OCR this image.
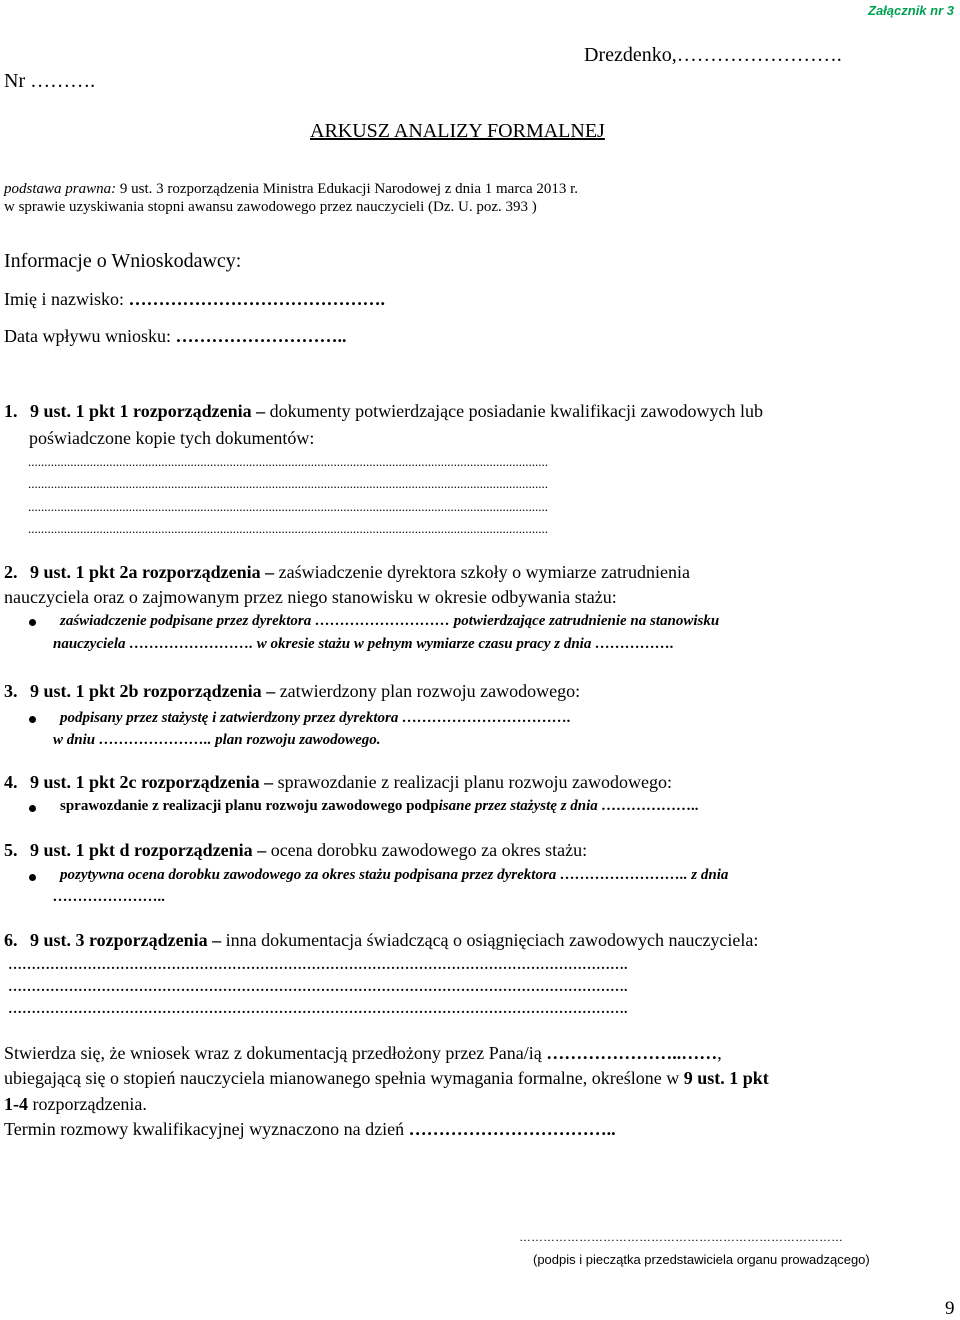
Załącznik nr 3
Nr ……….
Drezdenko,…………………….
ARKUSZ ANALIZY FORMALNEJ
podstawa prawna: 9 ust. 3 rozporządzenia Ministra Edukacji Narodowej z dnia 1 marca 2013 r.
w sprawie uzyskiwania stopni awansu zawodowego przez nauczycieli (Dz. U. poz. 393 )
Informacje o Wnioskodawcy:
Imię i nazwisko: …………………………………….
Data wpływu wniosku: ………………………..
1. 9 ust. 1 pkt 1 rozporządzenia – dokumenty potwierdzające posiadanie kwalifikacji zawodowych lub
poświadczone kopie tych dokumentów:
................................................................................................................................................................
................................................................................................................................................................
................................................................................................................................................................
................................................................................................................................................................
2. 9 ust. 1 pkt 2a rozporządzenia – zaświadczenie dyrektora szkoły o wymiarze zatrudnienia
nauczyciela oraz o zajmowanym przez niego stanowisku w okresie odbywania stażu:
zaświadczenie podpisane przez dyrektora ……………………… potwierdzające zatrudnienie na stanowisku
nauczyciela ……………………. w okresie stażu w pełnym wymiarze czasu pracy z dnia …………….
3. 9 ust. 1 pkt 2b rozporządzenia – zatwierdzony plan rozwoju zawodowego:
podpisany przez stażystę i zatwierdzony przez dyrektora …………………………….
w dniu ………………….. plan rozwoju zawodowego.
4. 9 ust. 1 pkt 2c rozporządzenia – sprawozdanie z realizacji planu rozwoju zawodowego:
sprawozdanie z realizacji planu rozwoju zawodowego podpisane przez stażystę z dnia ………………..
5. 9 ust. 1 pkt d rozporządzenia – ocena dorobku zawodowego za okres stażu:
pozytywna ocena dorobku zawodowego za okres stażu podpisana przez dyrektora …………………….. z dnia
…………………..
6. 9 ust. 3 rozporządzenia – inna dokumentacja świadczącą o osiągnięciach zawodowych nauczyciela:
…………………………………………………………………………………………………………………….
…………………………………………………………………………………………………………………….
…………………………………………………………………………………………………………………….
Stwierdza się, że wniosek wraz z dokumentacją przedłożony przez Pana/ią …………………..……,
ubiegającą się o stopień nauczyciela mianowanego spełnia wymagania formalne, określone w 9 ust. 1 pkt
1-4 rozporządzenia.
Termin rozmowy kwalifikacyjnej wyznaczono na dzień ……………………………..
………………………………………………………………………
(podpis i pieczątka przedstawiciela organu prowadzącego)
9
